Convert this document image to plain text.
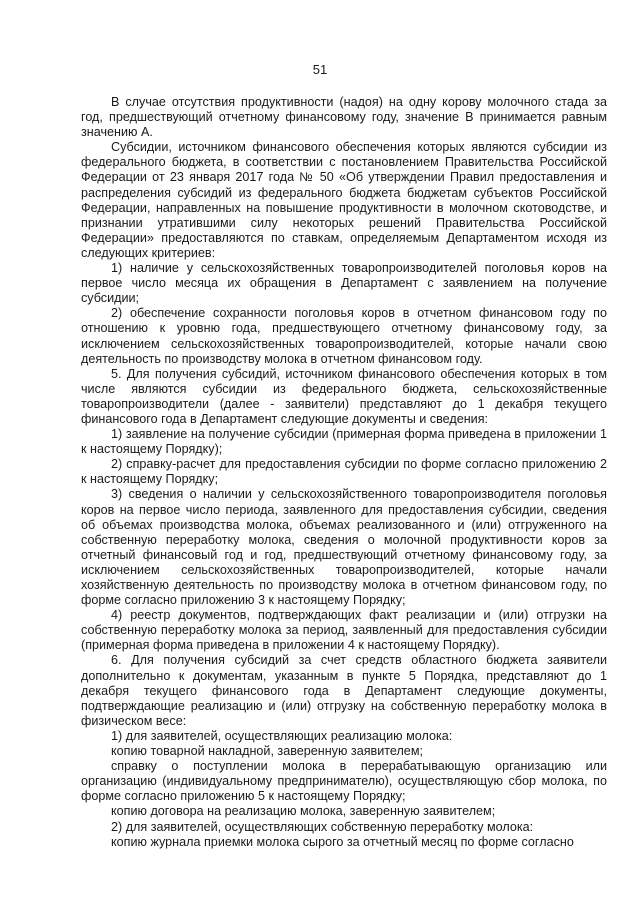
51

В случае отсутствия продуктивности (надоя) на одну корову молочного стада за год, предшествующий отчетному финансовому году, значение В принимается равным значению А.

Субсидии, источником финансового обеспечения которых являются субсидии из федерального бюджета, в соответствии с постановлением Правительства Российской Федерации от 23 января 2017 года № 50 «Об утверждении Правил предоставления и распределения субсидий из федерального бюджета бюджетам субъектов Российской Федерации, направленных на повышение продуктивности в молочном скотоводстве, и признании утратившими силу некоторых решений Правительства Российской Федерации» предоставляются по ставкам, определяемым Департаментом исходя из следующих критериев:

1) наличие у сельскохозяйственных товаропроизводителей поголовья коров на первое число месяца их обращения в Департамент с заявлением на получение субсидии;

2) обеспечение сохранности поголовья коров в отчетном финансовом году по отношению к уровню года, предшествующего отчетному финансовому году, за исключением сельскохозяйственных товаропроизводителей, которые начали свою деятельность по производству молока в отчетном финансовом году.

5. Для получения субсидий, источником финансового обеспечения которых в том числе являются субсидии из федерального бюджета, сельскохозяйственные товаропроизводители (далее - заявители) представляют до 1 декабря текущего финансового года в Департамент следующие документы и сведения:

1) заявление на получение субсидии (примерная форма приведена в приложении 1 к настоящему Порядку);

2) справку-расчет для предоставления субсидии по форме согласно приложению 2 к настоящему Порядку;

3) сведения о наличии у сельскохозяйственного товаропроизводителя поголовья коров на первое число периода, заявленного для предоставления субсидии, сведения об объемах производства молока, объемах реализованного и (или) отгруженного на собственную переработку молока, сведения о молочной продуктивности коров за отчетный финансовый год и год, предшествующий отчетному финансовому году, за исключением сельскохозяйственных товаропроизводителей, которые начали хозяйственную деятельность по производству молока в отчетном финансовом году, по форме согласно приложению 3 к настоящему Порядку;

4) реестр документов, подтверждающих факт реализации и (или) отгрузки на собственную переработку молока за период, заявленный для предоставления субсидии (примерная форма приведена в приложении 4 к настоящему Порядку).

6. Для получения субсидий за счет средств областного бюджета заявители дополнительно к документам, указанным в пункте 5 Порядка, представляют до 1 декабря текущего финансового года в Департамент следующие документы, подтверждающие реализацию и (или) отгрузку на собственную переработку молока в физическом весе:

1) для заявителей, осуществляющих реализацию молока:

копию товарной накладной, заверенную заявителем;

справку о поступлении молока в перерабатывающую организацию или организацию (индивидуальному предпринимателю), осуществляющую сбор молока, по форме согласно приложению 5 к настоящему Порядку;

копию договора на реализацию молока, заверенную заявителем;

2) для заявителей, осуществляющих собственную переработку молока:

копию журнала приемки молока сырого за отчетный месяц по форме согласно
